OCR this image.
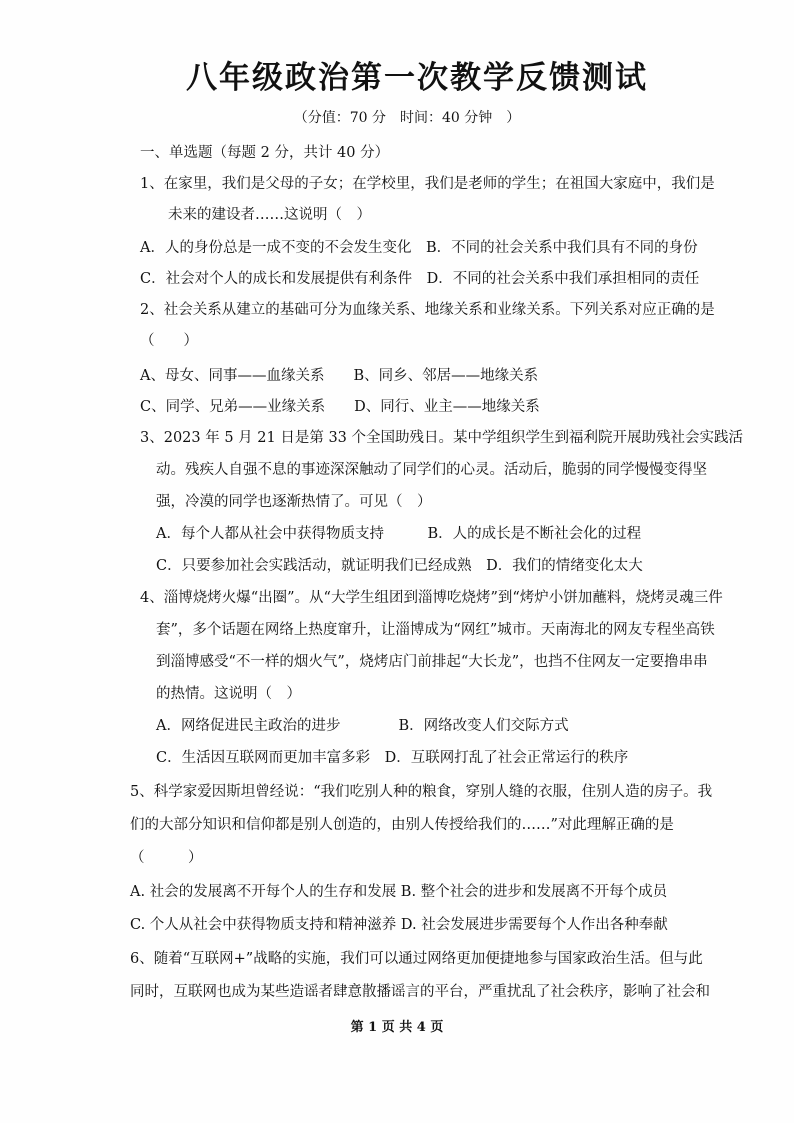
八年级政治第一次教学反馈测试
（分值：70 分　时间：40 分钟　）
一、单选题（每题 2 分，共计 40 分）
1、在家里，我们是父母的子女；在学校里，我们是老师的学生；在祖国大家庭中，我们是
未来的建设者……这说明（　）
A．人的身份总是一成不变的不会发生变化　B．不同的社会关系中我们具有不同的身份
C．社会对个人的成长和发展提供有利条件　D．不同的社会关系中我们承担相同的责任
2、社会关系从建立的基础可分为血缘关系、地缘关系和业缘关系。下列关系对应正确的是
（　　）
A、母女、同事——血缘关系　　B、同乡、邻居——地缘关系
C、同学、兄弟——业缘关系　　D、同行、业主——地缘关系
3、2023 年 5 月 21 日是第 33 个全国助残日。某中学组织学生到福利院开展助残社会实践活
动。残疾人自强不息的事迹深深触动了同学们的心灵。活动后，脆弱的同学慢慢变得坚
强，冷漠的同学也逐渐热情了。可见（　）
A．每个人都从社会中获得物质支持　　　B．人的成长是不断社会化的过程
C．只要参加社会实践活动，就证明我们已经成熟　D．我们的情绪变化太大
4、淄博烧烤火爆“出圈”。从“大学生组团到淄博吃烧烤”到“烤炉小饼加蘸料，烧烤灵魂三件
套”，多个话题在网络上热度窜升，让淄博成为“网红”城市。天南海北的网友专程坐高铁
到淄博感受“不一样的烟火气”，烧烤店门前排起“大长龙”，也挡不住网友一定要撸串串
的热情。这说明（　）
A．网络促进民主政治的进步　　　　B．网络改变人们交际方式
C．生活因互联网而更加丰富多彩　D．互联网打乱了社会正常运行的秩序
5、科学家爱因斯坦曾经说：“我们吃别人种的粮食，穿别人缝的衣服，住别人造的房子。我
们的大部分知识和信仰都是别人创造的，由别人传授给我们的……”对此理解正确的是
（　　　）
A. 社会的发展离不开每个人的生存和发展 B. 整个社会的进步和发展离不开每个成员
C. 个人从社会中获得物质支持和精神滋养 D. 社会发展进步需要每个人作出各种奉献
6、随着“互联网+”战略的实施，我们可以通过网络更加便捷地参与国家政治生活。但与此
同时，互联网也成为某些造谣者肆意散播谣言的平台，严重扰乱了社会秩序，影响了社会和
第 1 页 共 4 页
